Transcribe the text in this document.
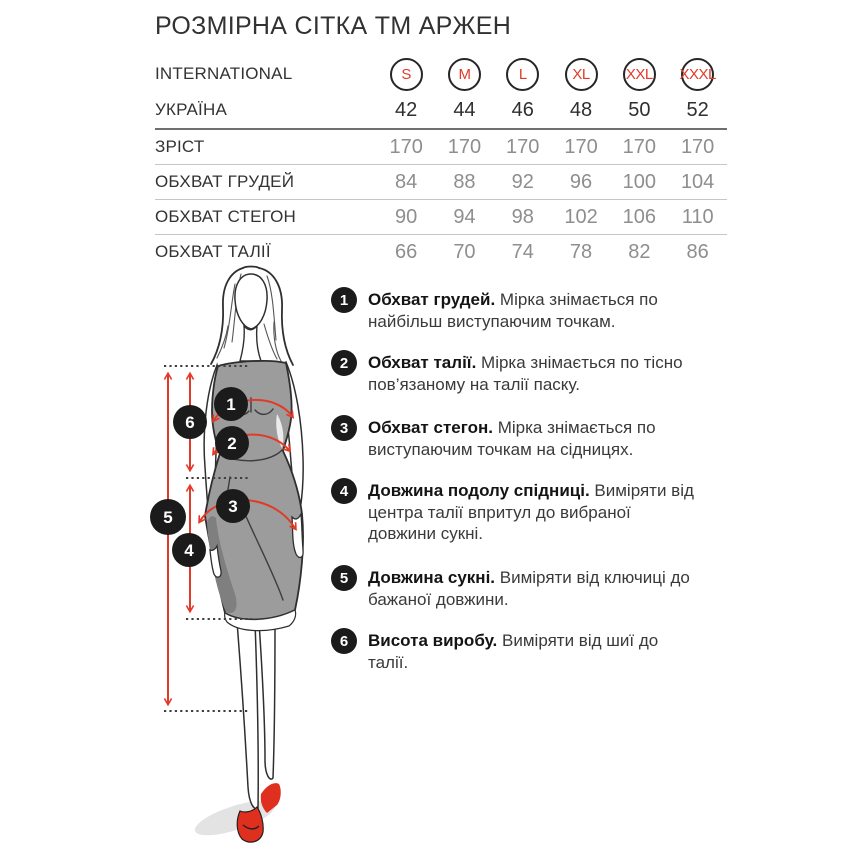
РОЗМІРНА СІТКА ТМ АРЖЕН
INTERNATIONAL	S	M	L	XL XXL XXXL
УКРАЇНА	42	44	46	48	50	52
ЗРІСТ	170	170	170	170	170	170
ОБХВАТ ГРУДЕЙ	84	88	92	96	100	104
ОБХВАТ СТЕГОН	90	94	98	102	106	110
ОБХВАТ ТАЛІЇ	66	70	74	78	82	86
1
2
3
4
5
6
1	Обхват грудей. Мірка знімається по найбільш виступаючим точкам.

2	Обхват талії. Мірка знімається по тісно пов’язаному на талії паску.

3	Обхват стегон. Мірка знімається по виступаючим точкам на сідницях.

4	Довжина подолу спідниці. Виміряти від центра талії впритул до вибраної довжини сукні.

5	Довжина сукні. Виміряти від ключиці до бажаної довжини.

6	Висота виробу. Виміряти від шиї до талії.
